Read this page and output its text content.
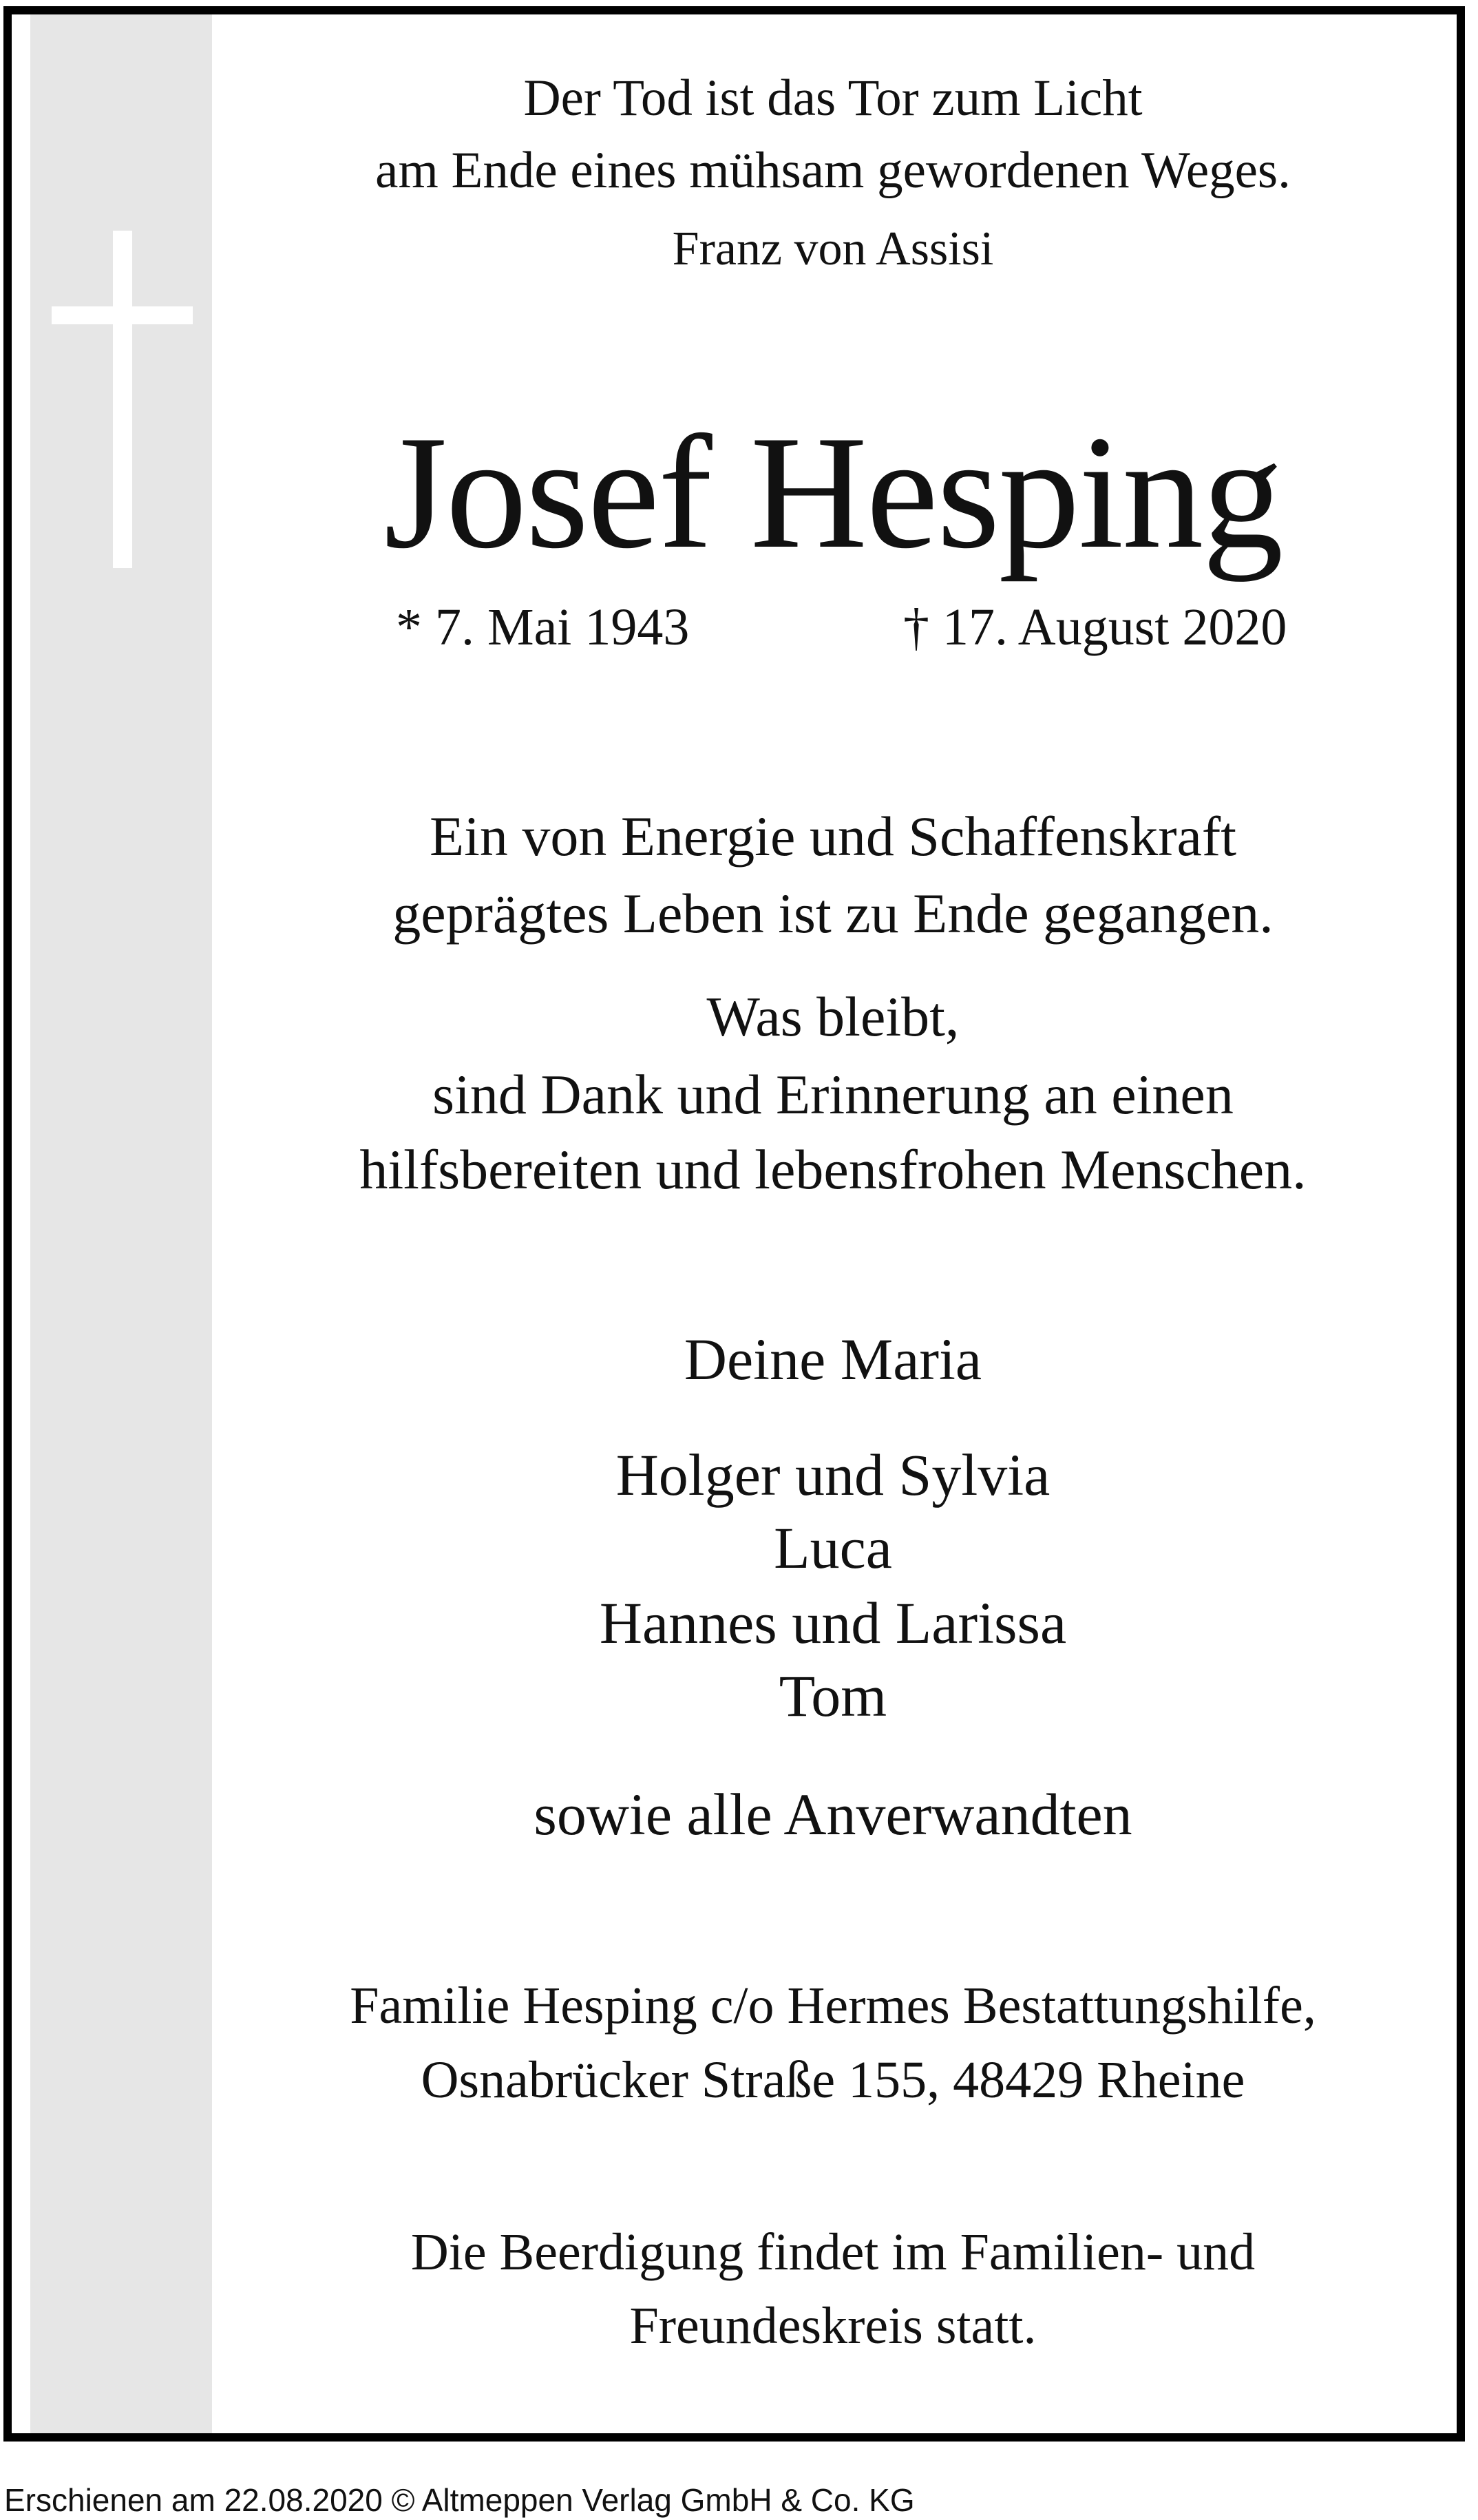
Der Tod ist das Tor zum Licht
am Ende eines mühsam gewordenen Weges.
Franz von Assisi
Josef Hesping
* 7. Mai 1943	† 17. August 2020
Ein von Energie und Schaffenskraft
geprägtes Leben ist zu Ende gegangen.
Was bleibt,
sind Dank und Erinnerung an einen
hilfsbereiten und lebensfrohen Menschen.
Deine Maria
Holger und Sylvia
Luca
Hannes und Larissa
Tom
sowie alle Anverwandten
Familie Hesping c/o Hermes Bestattungshilfe,
Osnabrücker Straße 155, 48429 Rheine
Die Beerdigung findet im Familien- und
Freundeskreis statt.
Erschienen am 22.08.2020 © Altmeppen Verlag GmbH & Co. KG
